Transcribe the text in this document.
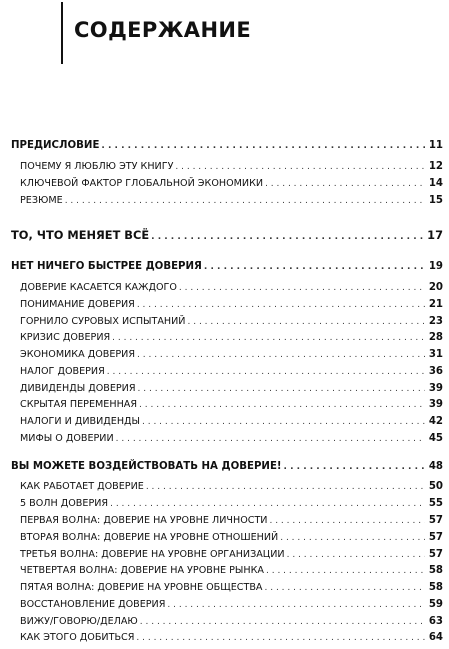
СОДЕРЖАНИЕ
ПРЕДИСЛОВИЕ . . .	11
ПОЧЕМУ Я ЛЮБЛЮ ЭТУ КНИГУ . . .	12
КЛЮЧЕВОЙ ФАКТОР ГЛОБАЛЬНОЙ ЭКОНОМИКИ . . .	14
РЕЗЮМЕ . . .	15
ТО, ЧТО МЕНЯЕТ ВСЁ . . .	17
НЕТ НИЧЕГО БЫСТРЕЕ ДОВЕРИЯ . . .	19
ДОВЕРИЕ КАСАЕТСЯ КАЖДОГО . . .	20
ПОНИМАНИЕ ДОВЕРИЯ . . .	21
ГОРНИЛО СУРОВЫХ ИСПЫТАНИЙ . . .	23
КРИЗИС ДОВЕРИЯ . . .	28
ЭКОНОМИКА ДОВЕРИЯ . . .	31
НАЛОГ ДОВЕРИЯ . . .	36
ДИВИДЕНДЫ ДОВЕРИЯ . . .	39
СКРЫТАЯ ПЕРЕМЕННАЯ . . .	39
НАЛОГИ И ДИВИДЕНДЫ . . .	42
МИФЫ О ДОВЕРИИ . . .	45
ВЫ МОЖЕТЕ ВОЗДЕЙСТВОВАТЬ НА ДОВЕРИЕ! . . .	48
КАК РАБОТАЕТ ДОВЕРИЕ . . .	50
5 ВОЛН ДОВЕРИЯ . . .	55
ПЕРВАЯ ВОЛНА: ДОВЕРИЕ НА УРОВНЕ ЛИЧНОСТИ . . .	57
ВТОРАЯ ВОЛНА: ДОВЕРИЕ НА УРОВНЕ ОТНОШЕНИЙ . . .	57
ТРЕТЬЯ ВОЛНА: ДОВЕРИЕ НА УРОВНЕ ОРГАНИЗАЦИИ . . .	57
ЧЕТВЕРТАЯ ВОЛНА: ДОВЕРИЕ НА УРОВНЕ РЫНКА . . .	58
ПЯТАЯ ВОЛНА: ДОВЕРИЕ НА УРОВНЕ ОБЩЕСТВА . . .	58
ВОССТАНОВЛЕНИЕ ДОВЕРИЯ . . .	59
ВИЖУ/ГОВОРЮ/ДЕЛАЮ . . .	63
КАК ЭТОГО ДОБИТЬСЯ . . .	64
